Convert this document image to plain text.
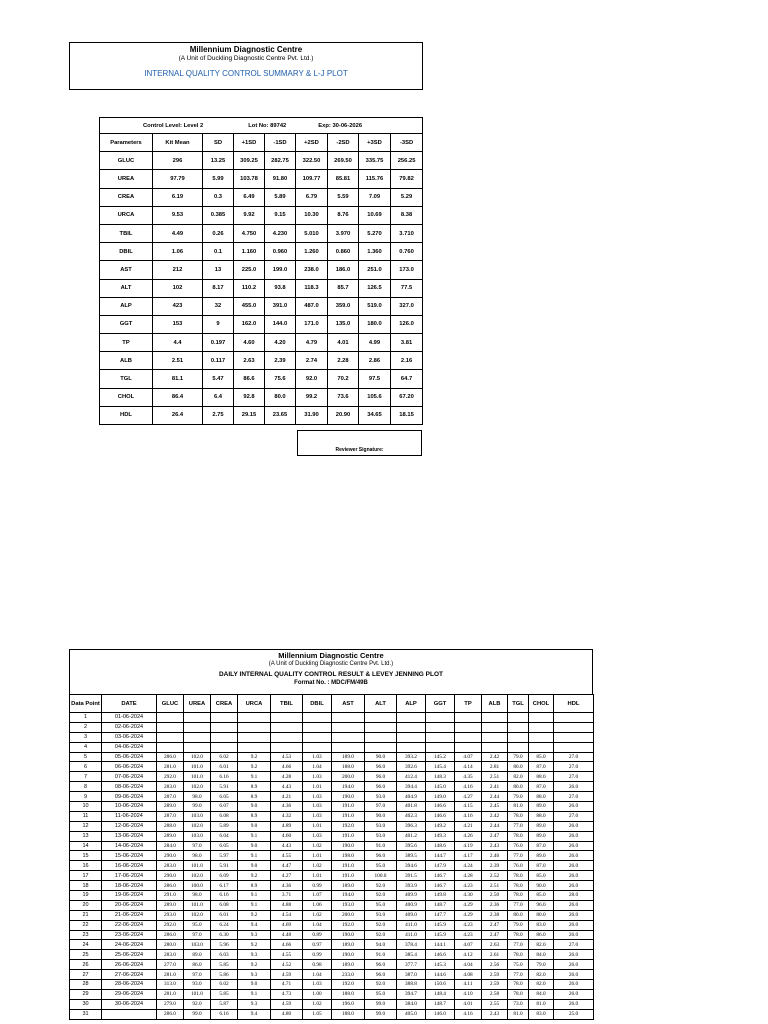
Millennium Diagnostic Centre
(A Unit of Duckling Diagnostic Centre Pvt. Ltd.)
INTERNAL QUALITY CONTROL SUMMARY & L-J PLOT
Control Level: Level 2 Lot No: 89742 Exp: 30-06-2026								
Parameters	Kit Mean	SD	+1SD	-1SD	+2SD	-2SD	+3SD	-3SD
GLUC	296	13.25	309.25	282.75	322.50	269.50	335.75	256.25
UREA	97.79	5.99	103.78	91.80	109.77	85.81	115.76	79.82
CREA	6.19	0.3	6.49	5.89	6.79	5.59	7.09	5.29
URCA	9.53	0.385	9.92	9.15	10.30	8.76	10.69	8.38
TBIL	4.49	0.26	4.750	4.230	5.010	3.970	5.270	3.710
DBIL	1.06	0.1	1.160	0.960	1.260	0.860	1.360	0.760
AST	212	13	225.0	199.0	238.0	186.0	251.0	173.0
ALT	102	8.17	110.2	93.8	118.3	85.7	126.5	77.5
ALP	423	32	455.0	391.0	487.0	359.0	519.0	327.0
GGT	153	9	162.0	144.0	171.0	135.0	180.0	126.0
TP	4.4	0.197	4.60	4.20	4.79	4.01	4.99	3.81
ALB	2.51	0.117	2.63	2.39	2.74	2.28	2.86	2.16
TGL	81.1	5.47	86.6	75.6	92.0	70.2	97.5	64.7
CHOL	86.4	6.4	92.8	80.0	99.2	73.6	105.6	67.20
HDL	26.4	2.75	29.15	23.65	31.90	20.90	34.65	18.15
Reviewer Signature:
Millennium Diagnostic Centre
(A Unit of Duckling Diagnostic Centre Pvt. Ltd.)
DAILY INTERNAL QUALITY CONTROL RESULT & LEVEY JENNING PLOT
Format No. : MDC/FM/49B
Data Point	DATE	GLUC	UREA	CREA	URCA	TBIL	DBIL	AST	ALT	ALP	GGT	TP	ALB	TGL	CHOL	HDL
1	01-06-2024															
2	02-06-2024															
3	03-06-2024															
4	04-06-2024															
5	05-06-2024	286.0	102.0	6.02	9.2	4.53	1.03	189.0	90.0	393.2	145.2	4.07	2.42	79.0	85.0	27.0
6	06-06-2024	281.0	101.0	6.01	9.2	4.66	1.04	188.0	96.0	392.6	145.4	4.14	2.81	80.0	87.0	27.0
7	07-06-2024	292.0	101.0	6.16	9.1	4.28	1.03	200.0	96.0	412.4	148.3	4.35	2.51	82.0	88.0	27.0
8	08-06-2024	283.0	102.0	5.91	8.9	4.43	1.01	194.0	96.0	394.4	145.0	4.16	2.41	80.0	87.0	26.0
9	09-06-2024	287.0	98.0	6.05	8.9	4.21	1.03	190.0	93.0	404.9	149.0	4.27	2.44	79.0	88.0	27.0
10	10-06-2024	289.0	99.0	6.07	9.0	4.36	1.03	191.0	97.0	401.8	146.6	4.15	2.45	81.0	89.0	26.0
11	11-06-2024	287.0	103.0	6.08	8.9	4.32	1.03	191.0	90.0	402.3	146.6	4.16	2.42	78.0	88.0	27.0
12	12-06-2024	288.0	102.0	5.89	9.0	4.89	1.01	192.0	93.0	396.3	149.2	4.21	2.44	77.0	89.0	26.0
13	13-06-2024	289.0	103.0	6.04	9.1	4.60	1.03	191.0	93.0	401.2	149.3	4.26	2.47	78.0	89.0	26.0
14	14-06-2024	284.0	97.0	6.05	9.0	4.43	1.02	190.0	91.0	395.6	148.6	4.19	2.43	76.0	87.0	26.0
15	15-06-2024	290.0	98.0	5.97	9.1	4.55	1.01	198.0	96.0	389.5	144.7	4.17	2.46	77.0	89.0	26.0
16	16-06-2024	283.0	101.0	5.91	9.0	4.47	1.02	191.0	95.0	394.6	147.9	4.24	2.39	76.0	87.0	26.0
17	17-06-2024	290.0	102.0	6.09	9.2	4.27	1.01	191.0	100.0	391.5	146.7	4.28	2.52	78.0	85.0	26.0
18	18-06-2024	286.0	100.0	6.17	8.9	4.36	0.99	189.0	92.0	393.9	146.7	4.23	2.51	78.0	90.0	26.0
19	19-06-2024	291.0	98.0	6.16	9.1	3.71	1.07	194.0	92.0	409.9	149.8	4.30	2.50	78.0	85.0	28.0
20	20-06-2024	289.0	101.0	6.08	9.1	4.88	1.06	193.0	95.0	400.9	148.7	4.29	2.36	77.0	96.0	26.0
21	21-06-2024	293.0	102.0	6.01	9.2	4.54	1.02	200.0	93.0	409.0	147.7	4.29	2.38	80.0	80.0	26.0
22	22-06-2024	292.0	95.0	6.24	9.4	4.69	1.04	192.0	92.0	411.0	145.9	4.23	2.47	79.0	83.0	26.0
23	23-06-2024	286.0	97.0	6.30	9.3	4.48	0.89	190.0	92.0	411.0	145.9	4.23	2.47	78.0	86.0	26.0
24	24-06-2024	280.0	103.0	5.96	9.2	4.66	0.97	189.0	94.0	378.4	144.1	4.07	2.63	77.0	82.0	27.0
25	25-06-2024	283.0	89.0	6.03	9.3	4.55	0.99	190.0	91.0	385.4	146.6	4.12	2.61	78.0	84.0	26.0
26	26-06-2024	277.0	86.0	5.85	9.2	4.52	0.98	189.0	96.0	377.7	145.3	4.04	2.56	75.0	79.0	26.0
27	27-06-2024	281.0	97.0	5.86	9.3	4.59	1.04	233.0	96.0	387.0	144.6	4.08	2.59	77.0	82.0	26.0
28	28-06-2024	313.0	93.0	6.02	9.0	4.71	1.03	192.0	92.0	388.8	150.6	4.11	2.59	78.0	82.0	26.0
29	29-06-2024	281.0	101.0	5.85	9.1	4.73	1.00	188.0	95.0	394.7	148.4	4.10	2.58	78.0	84.0	26.0
30	30-06-2024	279.0	92.0	5.87	9.3	4.59	1.02	196.0	99.0	384.0	148.7	4.01	2.55	73.0	81.0	26.0
31		286.0	99.0	6.16	9.4	4.80	1.05	188.0	99.0	405.0	146.0	4.16	2.43	81.0	83.0	25.0
